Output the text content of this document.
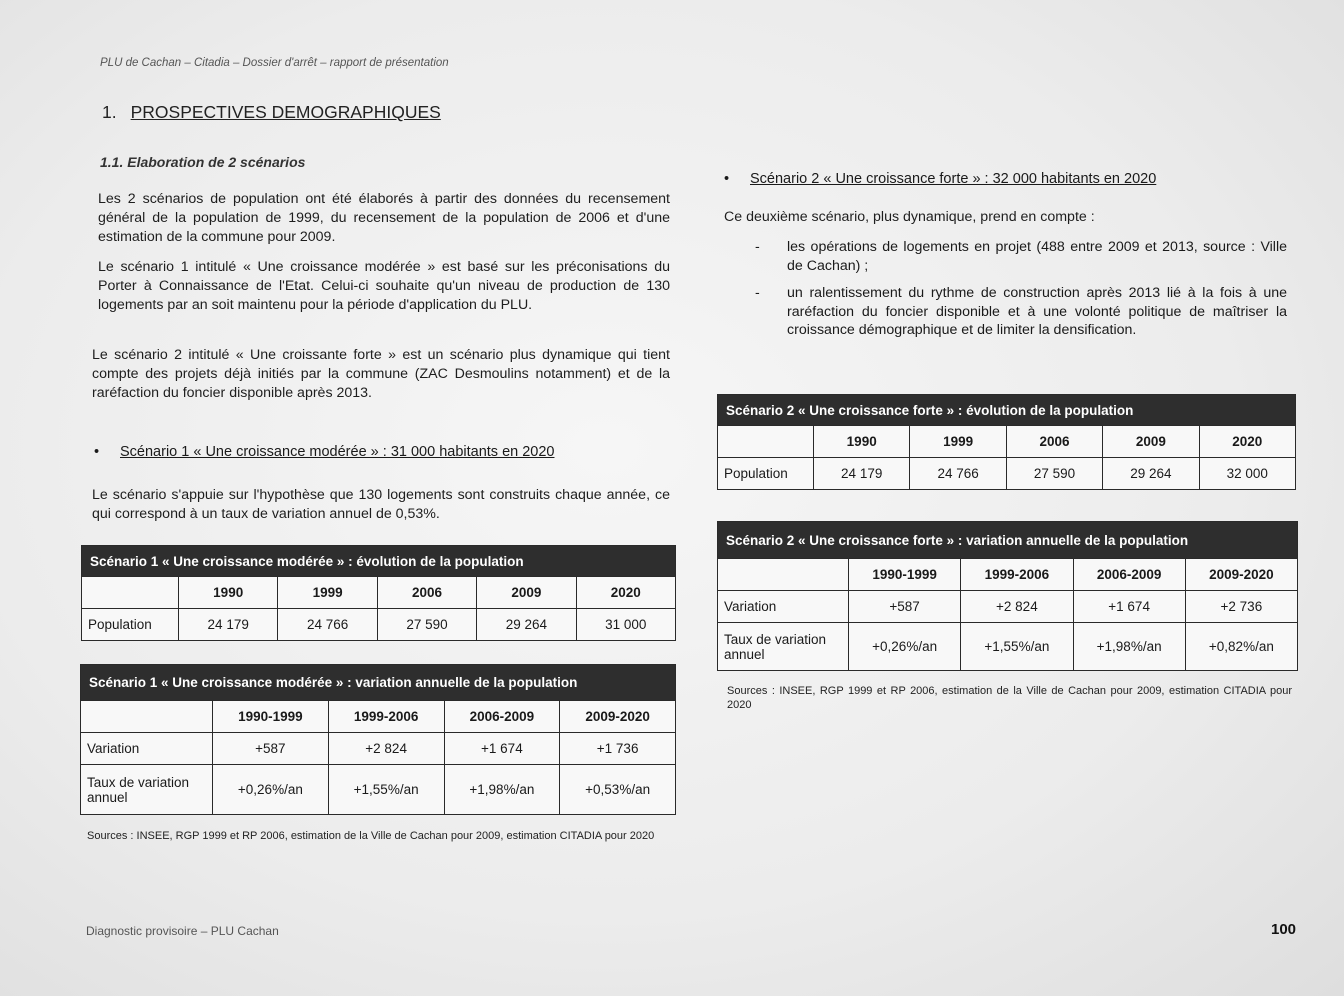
PLU de Cachan – Citadia – Dossier d'arrêt – rapport de présentation
1. PROSPECTIVES DEMOGRAPHIQUES
1.1. Elaboration de 2 scénarios
Les 2 scénarios de population ont été élaborés à partir des données du recensement général de la population de 1999, du recensement de la population de 2006 et d'une estimation de la commune pour 2009.
Le scénario 1 intitulé « Une croissance modérée » est basé sur les préconisations du Porter à Connaissance de l'Etat. Celui-ci souhaite qu'un niveau de production de 130 logements par an soit maintenu pour la période d'application du PLU.
Le scénario 2 intitulé « Une croissante forte » est un scénario plus dynamique qui tient compte des projets déjà initiés par la commune (ZAC Desmoulins notamment) et de la raréfaction du foncier disponible après 2013.
• Scénario 1 « Une croissance modérée » : 31 000 habitants en 2020
Le scénario s'appuie sur l'hypothèse que 130 logements sont construits chaque année, ce qui correspond à un taux de variation annuel de 0,53%.
Scénario 1 « Une croissance modérée » : évolution de la population					
	1990	1999	2006	2009	2020
Population	24 179	24 766	27 590	29 264	31 000
Scénario 1 « Une croissance modérée » : variation annuelle de la population				
	1990-1999	1999-2006	2006-2009	2009-2020
Variation	+587	+2 824	+1 674	+1 736
Taux de variation annuel	+0,26%/an	+1,55%/an	+1,98%/an	+0,53%/an
Sources : INSEE, RGP 1999 et RP 2006, estimation de la Ville de Cachan pour 2009, estimation CITADIA pour 2020
• Scénario 2 « Une croissance forte » : 32 000 habitants en 2020
Ce deuxième scénario, plus dynamique, prend en compte :
- les opérations de logements en projet (488 entre 2009 et 2013, source : Ville de Cachan) ;
- un ralentissement du rythme de construction après 2013 lié à la fois à une raréfaction du foncier disponible et à une volonté politique de maîtriser la croissance démographique et de limiter la densification.
Scénario 2 « Une croissance forte » : évolution de la population					
	1990	1999	2006	2009	2020
Population	24 179	24 766	27 590	29 264	32 000
Scénario 2 « Une croissance forte » : variation annuelle de la population				
	1990-1999	1999-2006	2006-2009	2009-2020
Variation	+587	+2 824	+1 674	+2 736
Taux de variation annuel	+0,26%/an	+1,55%/an	+1,98%/an	+0,82%/an
Sources : INSEE, RGP 1999 et RP 2006, estimation de la Ville de Cachan pour 2009, estimation CITADIA pour 2020
Diagnostic provisoire – PLU Cachan	100
